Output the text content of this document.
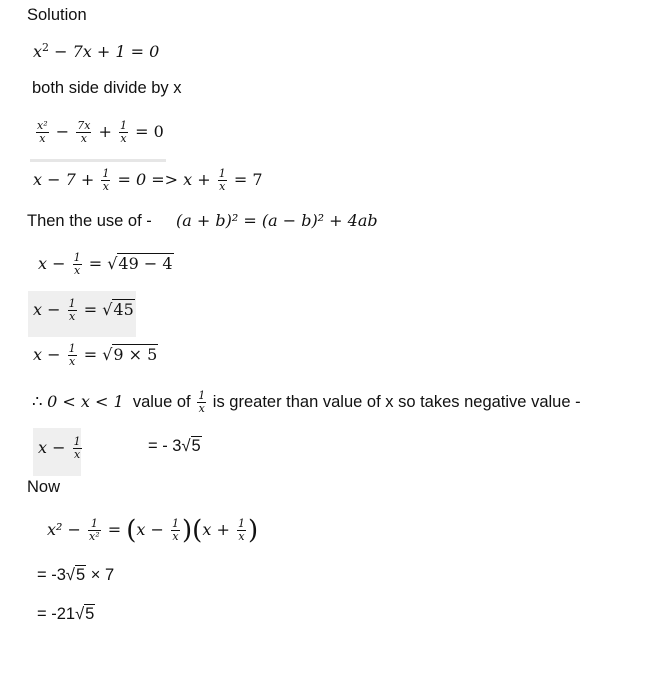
Solution
$x^2 - 7x + 1 = 0$
both side divide by x
$\frac{\text{x²}}{x} - \frac{7x}{x} + \frac{1}{x} = 0$
$x - 7 + \frac{1}{x} = 0 => x + \frac{1}{x} = 7$
Then the use of - (a + b)² = (a − b)² + 4ab
$x - \frac{1}{x} = √49 - 4$
$x - \frac{1}{x} = √45$
$x - \frac{1}{x} = √9 \times 5$
∴ 0 < x < 1 value of $\frac{1}{x}$ is greater than value of x so takes negative value -
$x - \frac{1}{x}$	= - 3√5
Now
$x^2 - \frac{1}{\text{x²}} = (x - \frac{1}{x} )(x + \frac{1}{x}$ )
= -3√5 × 7
= -21√5
